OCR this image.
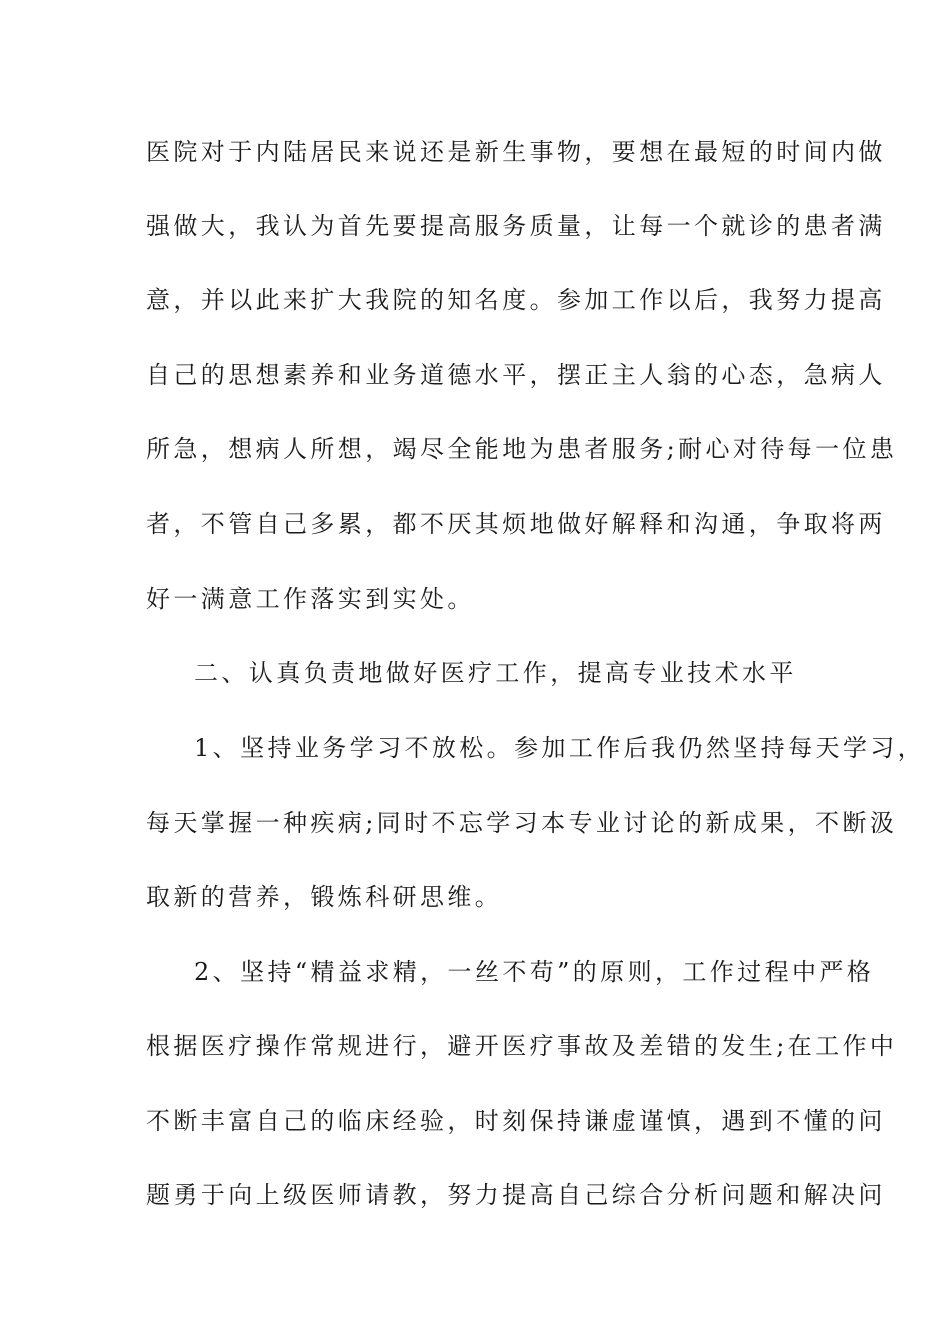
医院对于内陆居民来说还是新生事物，要想在最短的时间内做
强做大，我认为首先要提高服务质量，让每一个就诊的患者满
意，并以此来扩大我院的知名度。参加工作以后，我努力提高
自己的思想素养和业务道德水平，摆正主人翁的心态，急病人
所急，想病人所想，竭尽全能地为患者服务;耐心对待每一位患
者，不管自己多累，都不厌其烦地做好解释和沟通，争取将两
好一满意工作落实到实处。
二、认真负责地做好医疗工作，提高专业技术水平
1、坚持业务学习不放松。参加工作后我仍然坚持每天学习，
每天掌握一种疾病;同时不忘学习本专业讨论的新成果，不断汲
取新的营养，锻炼科研思维。
2、坚持“精益求精，一丝不苟”的原则，工作过程中严格
根据医疗操作常规进行，避开医疗事故及差错的发生;在工作中
不断丰富自己的临床经验，时刻保持谦虚谨慎，遇到不懂的问
题勇于向上级医师请教，努力提高自己综合分析问题和解决问
